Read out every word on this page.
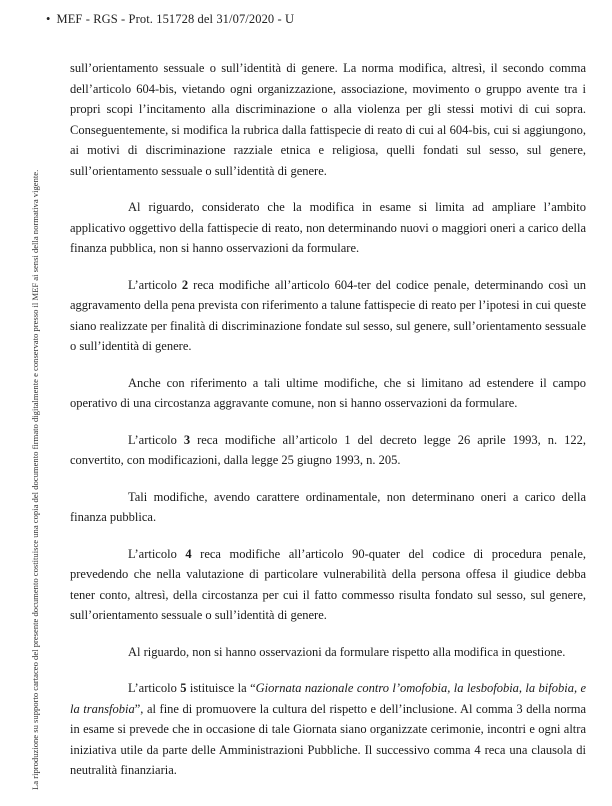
• MEF - RGS - Prot. 151728 del 31/07/2020 - U
La riproduzione su supporto cartaceo del presente documento costituisce una copia del documento firmato digitalmente e conservato presso il MEF ai sensi della normativa vigente.

sull’orientamento sessuale o sull’identità di genere. La norma modifica, altresì, il secondo comma dell’articolo 604-bis, vietando ogni organizzazione, associazione, movimento o gruppo avente tra i propri scopi l’incitamento alla discriminazione o alla violenza per gli stessi motivi di cui sopra. Conseguentemente, si modifica la rubrica dalla fattispecie di reato di cui al 604-bis, cui si aggiungono, ai motivi di discriminazione razziale etnica e religiosa, quelli fondati sul sesso, sul genere, sull’orientamento sessuale o sull’identità di genere.

Al riguardo, considerato che la modifica in esame si limita ad ampliare l’ambito applicativo oggettivo della fattispecie di reato, non determinando nuovi o maggiori oneri a carico della finanza pubblica, non si hanno osservazioni da formulare.

L’articolo 2 reca modifiche all’articolo 604-ter del codice penale, determinando così un aggravamento della pena prevista con riferimento a talune fattispecie di reato per l’ipotesi in cui queste siano realizzate per finalità di discriminazione fondate sul sesso, sul genere, sull’orientamento sessuale o sull’identità di genere.

Anche con riferimento a tali ultime modifiche, che si limitano ad estendere il campo operativo di una circostanza aggravante comune, non si hanno osservazioni da formulare.

L’articolo 3 reca modifiche all’articolo 1 del decreto legge 26 aprile 1993, n. 122, convertito, con modificazioni, dalla legge 25 giugno 1993, n. 205.

Tali modifiche, avendo carattere ordinamentale, non determinano oneri a carico della finanza pubblica.

L’articolo 4 reca modifiche all’articolo 90-quater del codice di procedura penale, prevedendo che nella valutazione di particolare vulnerabilità della persona offesa il giudice debba tener conto, altresì, della circostanza per cui il fatto commesso risulta fondato sul sesso, sul genere, sull’orientamento sessuale o sull’identità di genere.

Al riguardo, non si hanno osservazioni da formulare rispetto alla modifica in questione.

L’articolo 5 istituisce la “Giornata nazionale contro l’omofobia, la lesbofobia, la bifobia, e la transfobia”, al fine di promuovere la cultura del rispetto e dell’inclusione. Al comma 3 della norma in esame si prevede che in occasione di tale Giornata siano organizzate cerimonie, incontri e ogni altra iniziativa utile da parte delle Amministrazioni Pubbliche. Il successivo comma 4 reca una clausola di neutralità finanziaria.
